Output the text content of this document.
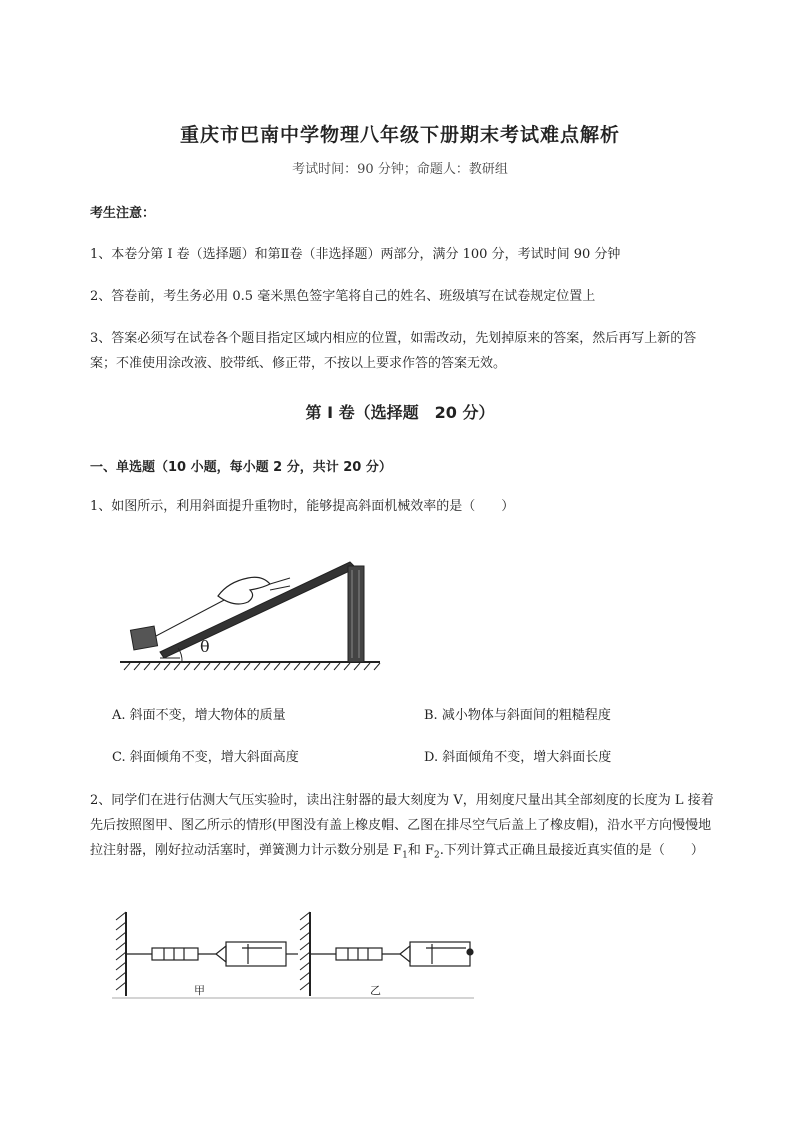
重庆市巴南中学物理八年级下册期末考试难点解析
考试时间：90 分钟；命题人：教研组
考生注意：
1、本卷分第 I 卷（选择题）和第Ⅱ卷（非选择题）两部分，满分 100 分，考试时间 90 分钟
2、答卷前，考生务必用 0.5 毫米黑色签字笔将自己的姓名、班级填写在试卷规定位置上
3、答案必须写在试卷各个题目指定区域内相应的位置，如需改动，先划掉原来的答案，然后再写上新的答案；不准使用涂改液、胶带纸、修正带，不按以上要求作答的答案无效。
第 I 卷（选择题　20 分）
一、单选题（10 小题，每小题 2 分，共计 20 分）
1、如图所示，利用斜面提升重物时，能够提高斜面机械效率的是（　　）
θ
A. 斜面不变，增大物体的质量	B. 减小物体与斜面间的粗糙程度
C. 斜面倾角不变，增大斜面高度	D. 斜面倾角不变，增大斜面长度
2、同学们在进行估测大气压实验时，读出注射器的最大刻度为 V，用刻度尺量出其全部刻度的长度为 L 接着先后按照图甲、图乙所示的情形(甲图没有盖上橡皮帽、乙图在排尽空气后盖上了橡皮帽)，沿水平方向慢慢地拉注射器，刚好拉动活塞时，弹簧测力计示数分别是 $F_1$和 $F_2$.下列计算式正确且最接近真实值的是（　　）
甲	乙
